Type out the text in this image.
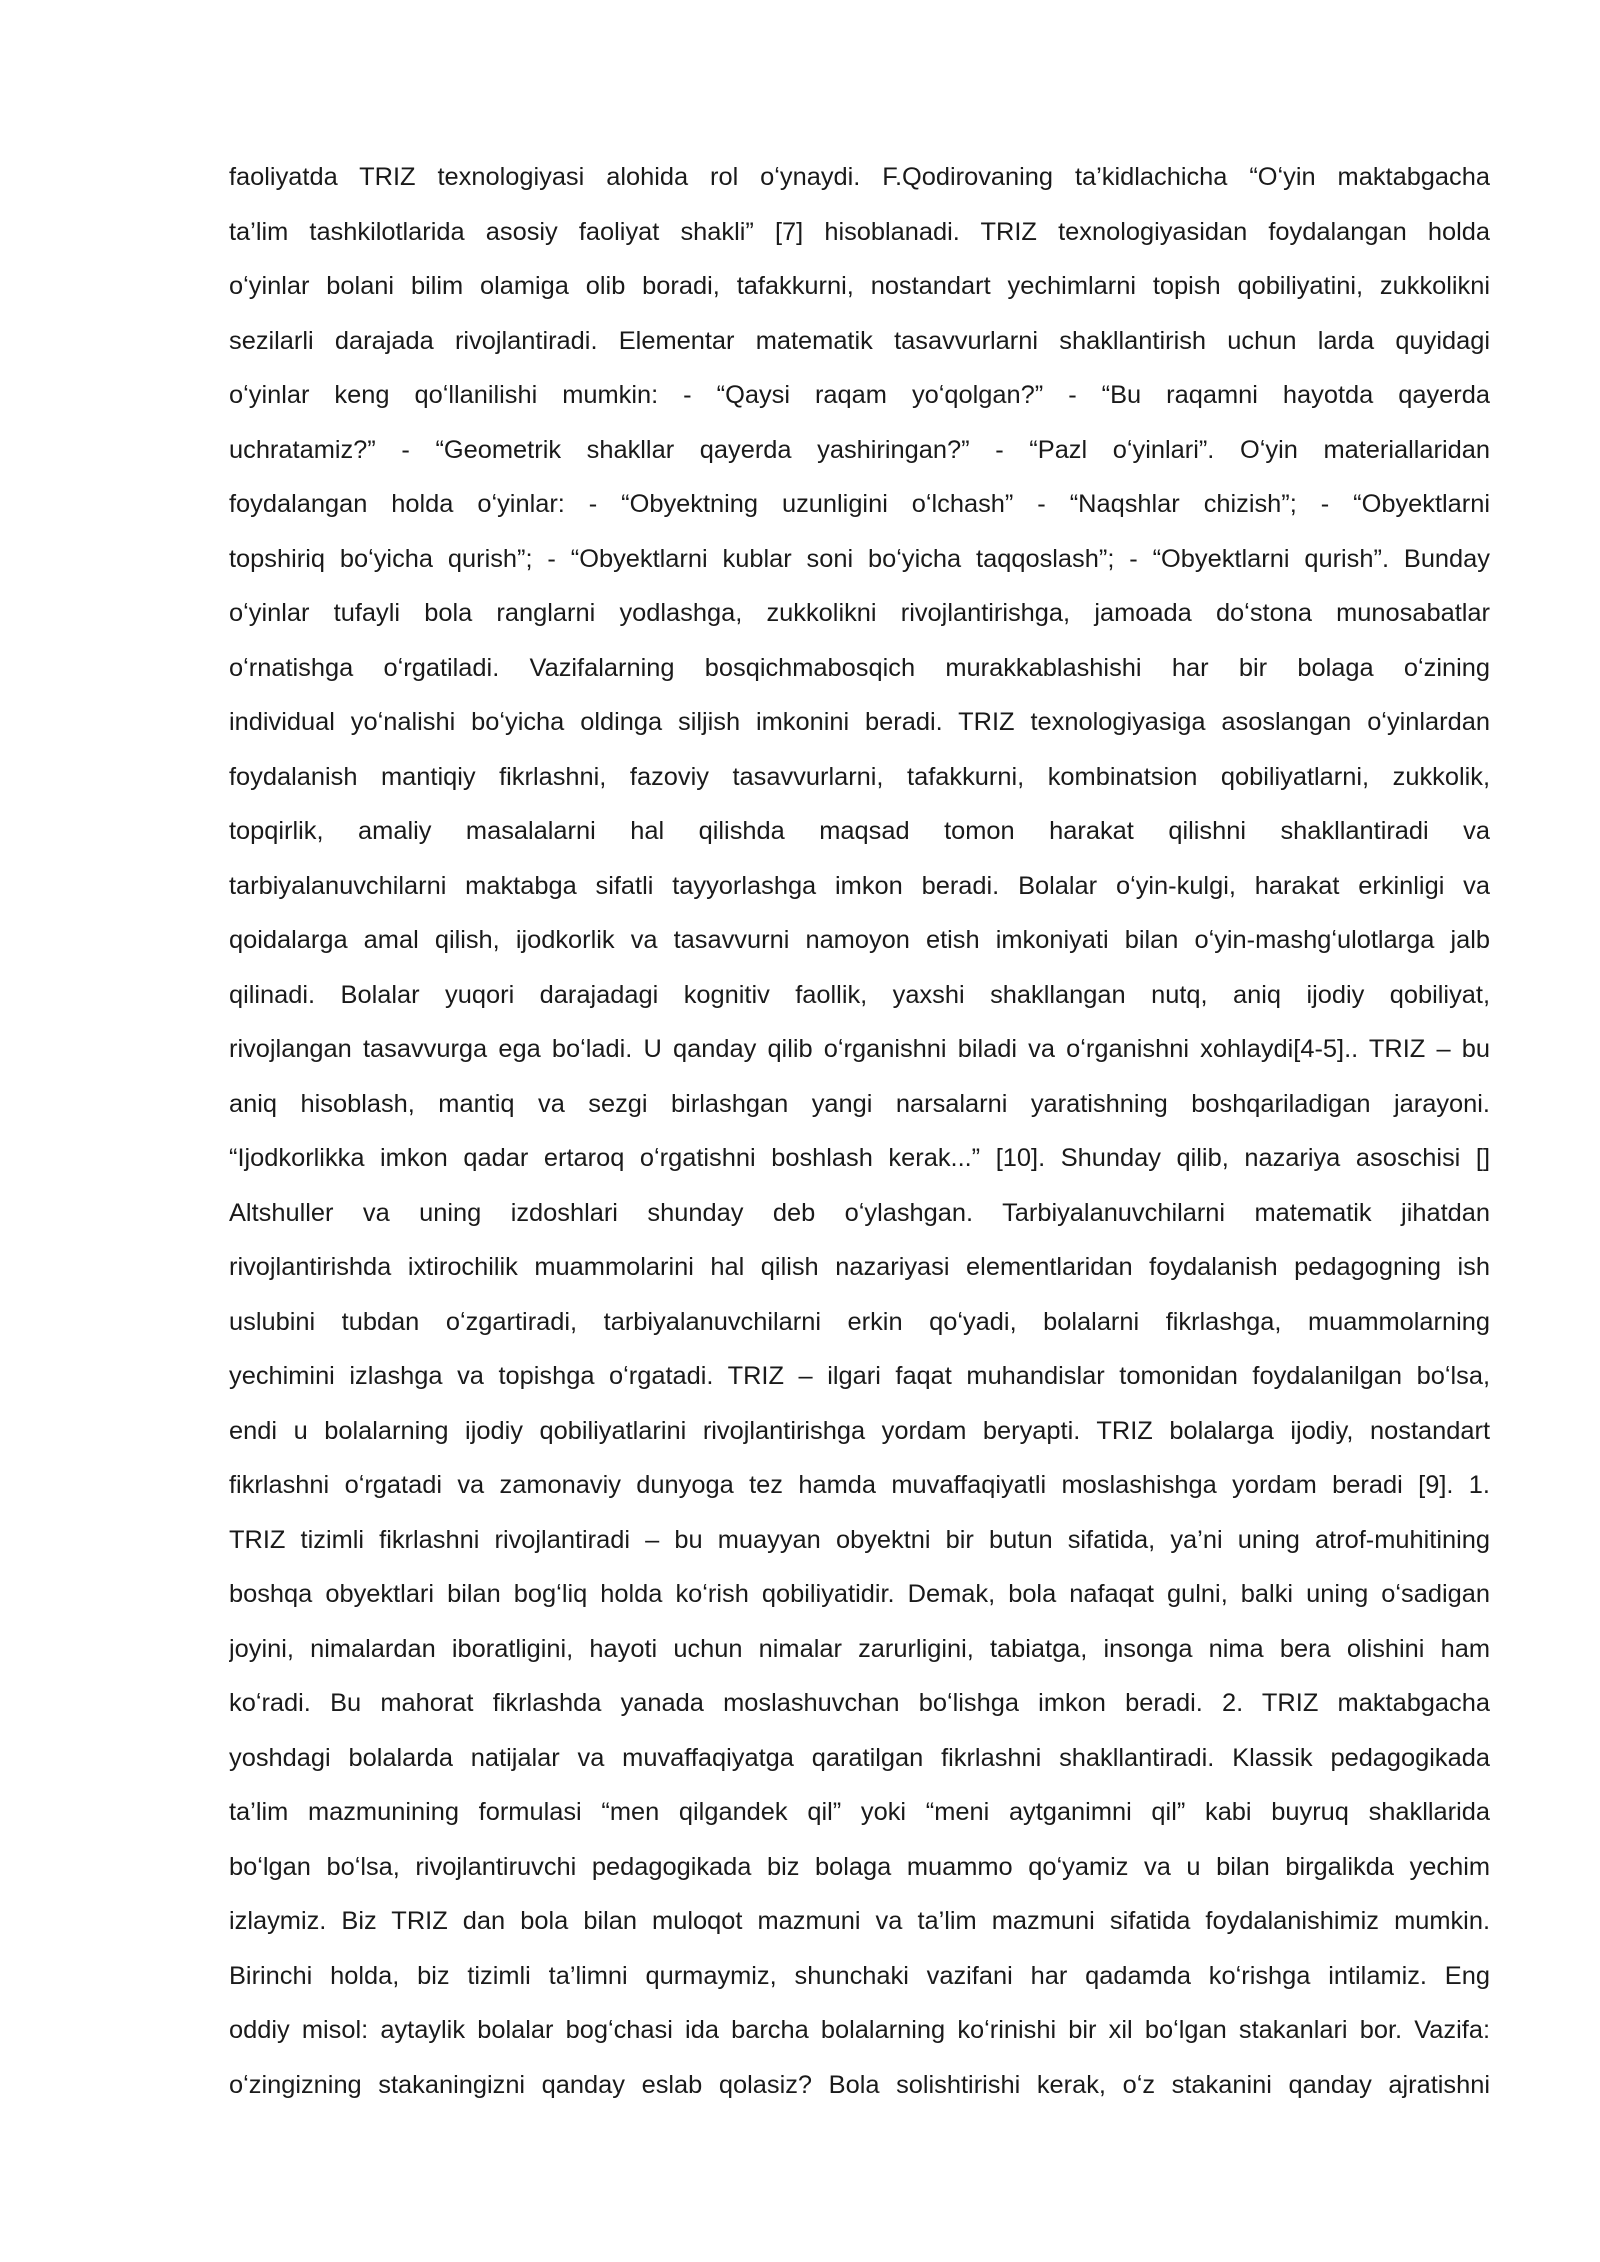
faoliyatda TRIZ texnologiyasi alohida rol oʻynaydi. F.Qodirovaning ta’kidlachicha “Oʻyin maktabgacha
ta’lim tashkilotlarida asosiy faoliyat shakli” [7] hisoblanadi. TRIZ texnologiyasidan foydalangan holda
oʻyinlar bolani bilim olamiga olib boradi, tafakkurni, nostandart yechimlarni topish qobiliyatini, zukkolikni
sezilarli darajada rivojlantiradi. Elementar matematik tasavvurlarni shakllantirish uchun larda quyidagi
oʻyinlar keng qoʻllanilishi mumkin: - “Qaysi raqam yoʻqolgan?” - “Bu raqamni hayotda qayerda
uchratamiz?” - “Geometrik shakllar qayerda yashiringan?” - “Pazl oʻyinlari”. Oʻyin materiallaridan
foydalangan holda oʻyinlar: - “Obyektning uzunligini oʻlchash” - “Naqshlar chizish”; - “Obyektlarni
topshiriq boʻyicha qurish”; - “Obyektlarni kublar soni boʻyicha taqqoslash”; - “Obyektlarni qurish”. Bunday
oʻyinlar tufayli bola ranglarni yodlashga, zukkolikni rivojlantirishga, jamoada doʻstona munosabatlar
oʻrnatishga oʻrgatiladi. Vazifalarning bosqichmabosqich murakkablashishi har bir bolaga oʻzining
individual yoʻnalishi boʻyicha oldinga siljish imkonini beradi. TRIZ texnologiyasiga asoslangan oʻyinlardan
foydalanish mantiqiy fikrlashni, fazoviy tasavvurlarni, tafakkurni, kombinatsion qobiliyatlarni, zukkolik,
topqirlik, amaliy masalalarni hal qilishda maqsad tomon harakat qilishni shakllantiradi va
tarbiyalanuvchilarni maktabga sifatli tayyorlashga imkon beradi. Bolalar oʻyin-kulgi, harakat erkinligi va
qoidalarga amal qilish, ijodkorlik va tasavvurni namoyon etish imkoniyati bilan oʻyin-mashgʻulotlarga jalb
qilinadi. Bolalar yuqori darajadagi kognitiv faollik, yaxshi shakllangan nutq, aniq ijodiy qobiliyat,
rivojlangan tasavvurga ega boʻladi. U qanday qilib oʻrganishni biladi va oʻrganishni xohlaydi[4-5].. TRIZ – bu
aniq hisoblash, mantiq va sezgi birlashgan yangi narsalarni yaratishning boshqariladigan jarayoni.
“Ijodkorlikka imkon qadar ertaroq oʻrgatishni boshlash kerak...” [10]. Shunday qilib, nazariya asoschisi []
Altshuller va uning izdoshlari shunday deb oʻylashgan. Tarbiyalanuvchilarni matematik jihatdan
rivojlantirishda ixtirochilik muammolarini hal qilish nazariyasi elementlaridan foydalanish pedagogning ish
uslubini tubdan oʻzgartiradi, tarbiyalanuvchilarni erkin qoʻyadi, bolalarni fikrlashga, muammolarning
yechimini izlashga va topishga oʻrgatadi. TRIZ – ilgari faqat muhandislar tomonidan foydalanilgan boʻlsa,
endi u bolalarning ijodiy qobiliyatlarini rivojlantirishga yordam beryapti. TRIZ bolalarga ijodiy, nostandart
fikrlashni oʻrgatadi va zamonaviy dunyoga tez hamda muvaffaqiyatli moslashishga yordam beradi [9]. 1.
TRIZ tizimli fikrlashni rivojlantiradi – bu muayyan obyektni bir butun sifatida, ya’ni uning atrof-muhitining
boshqa obyektlari bilan bogʻliq holda koʻrish qobiliyatidir. Demak, bola nafaqat gulni, balki uning oʻsadigan
joyini, nimalardan iboratligini, hayoti uchun nimalar zarurligini, tabiatga, insonga nima bera olishini ham
koʻradi. Bu mahorat fikrlashda yanada moslashuvchan boʻlishga imkon beradi. 2. TRIZ maktabgacha
yoshdagi bolalarda natijalar va muvaffaqiyatga qaratilgan fikrlashni shakllantiradi. Klassik pedagogikada
ta’lim mazmunining formulasi “men qilgandek qil” yoki “meni aytganimni qil” kabi buyruq shakllarida
boʻlgan boʻlsa, rivojlantiruvchi pedagogikada biz bolaga muammo qoʻyamiz va u bilan birgalikda yechim
izlaymiz. Biz TRIZ dan bola bilan muloqot mazmuni va ta’lim mazmuni sifatida foydalanishimiz mumkin.
Birinchi holda, biz tizimli ta’limni qurmaymiz, shunchaki vazifani har qadamda koʻrishga intilamiz. Eng
oddiy misol: aytaylik bolalar bogʻchasi ida barcha bolalarning koʻrinishi bir xil boʻlgan stakanlari bor. Vazifa:
oʻzingizning stakaningizni qanday eslab qolasiz? Bola solishtirishi kerak, oʻz stakanini qanday ajratishni
